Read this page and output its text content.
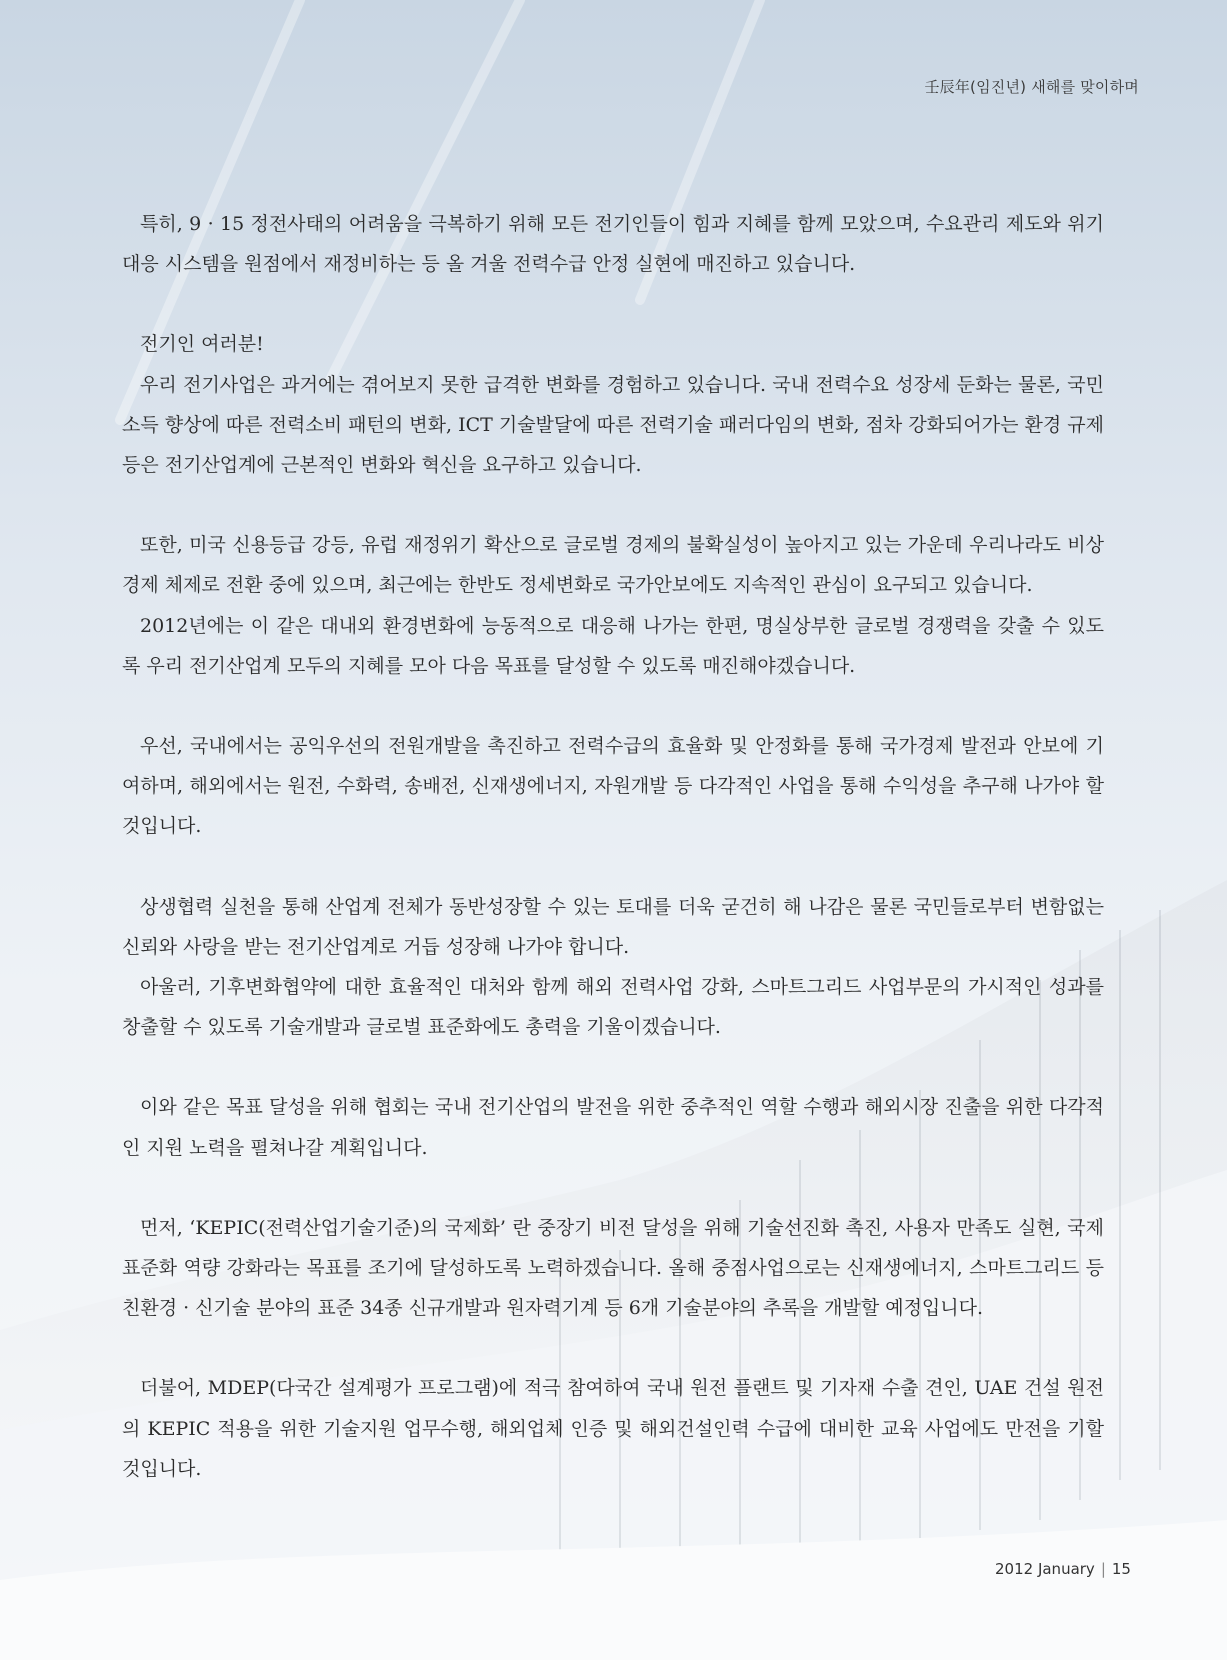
壬辰年(임진년) 새해를 맞이하며

특히, 9 · 15 정전사태의 어려움을 극복하기 위해 모든 전기인들이 힘과 지혜를 함께 모았으며, 수요관리 제도와 위기대응 시스템을 원점에서 재정비하는 등 올 겨울 전력수급 안정 실현에 매진하고 있습니다.

전기인 여러분!

우리 전기사업은 과거에는 겪어보지 못한 급격한 변화를 경험하고 있습니다. 국내 전력수요 성장세 둔화는 물론, 국민소득 향상에 따른 전력소비 패턴의 변화, ICT 기술발달에 따른 전력기술 패러다임의 변화, 점차 강화되어가는 환경 규제 등은 전기산업계에 근본적인 변화와 혁신을 요구하고 있습니다.

또한, 미국 신용등급 강등, 유럽 재정위기 확산으로 글로벌 경제의 불확실성이 높아지고 있는 가운데 우리나라도 비상경제 체제로 전환 중에 있으며, 최근에는 한반도 정세변화로 국가안보에도 지속적인 관심이 요구되고 있습니다.

2012년에는 이 같은 대내외 환경변화에 능동적으로 대응해 나가는 한편, 명실상부한 글로벌 경쟁력을 갖출 수 있도록 우리 전기산업계 모두의 지혜를 모아 다음 목표를 달성할 수 있도록 매진해야겠습니다.

우선, 국내에서는 공익우선의 전원개발을 촉진하고 전력수급의 효율화 및 안정화를 통해 국가경제 발전과 안보에 기여하며, 해외에서는 원전, 수화력, 송배전, 신재생에너지, 자원개발 등 다각적인 사업을 통해 수익성을 추구해 나가야 할 것입니다.

상생협력 실천을 통해 산업계 전체가 동반성장할 수 있는 토대를 더욱 굳건히 해 나감은 물론 국민들로부터 변함없는 신뢰와 사랑을 받는 전기산업계로 거듭 성장해 나가야 합니다.

아울러, 기후변화협약에 대한 효율적인 대처와 함께 해외 전력사업 강화, 스마트그리드 사업부문의 가시적인 성과를 창출할 수 있도록 기술개발과 글로벌 표준화에도 총력을 기울이겠습니다.

이와 같은 목표 달성을 위해 협회는 국내 전기산업의 발전을 위한 중추적인 역할 수행과 해외시장 진출을 위한 다각적인 지원 노력을 펼쳐나갈 계획입니다.

먼저, ‘KEPIC(전력산업기술기준)의 국제화’ 란 중장기 비전 달성을 위해 기술선진화 촉진, 사용자 만족도 실현, 국제표준화 역량 강화라는 목표를 조기에 달성하도록 노력하겠습니다. 올해 중점사업으로는 신재생에너지, 스마트그리드 등 친환경 · 신기술 분야의 표준 34종 신규개발과 원자력기계 등 6개 기술분야의 추록을 개발할 예정입니다.

더불어, MDEP(다국간 설계평가 프로그램)에 적극 참여하여 국내 원전 플랜트 및 기자재 수출 견인, UAE 건설 원전의 KEPIC 적용을 위한 기술지원 업무수행, 해외업체 인증 및 해외건설인력 수급에 대비한 교육 사업에도 만전을 기할 것입니다.

2012 January | 15
